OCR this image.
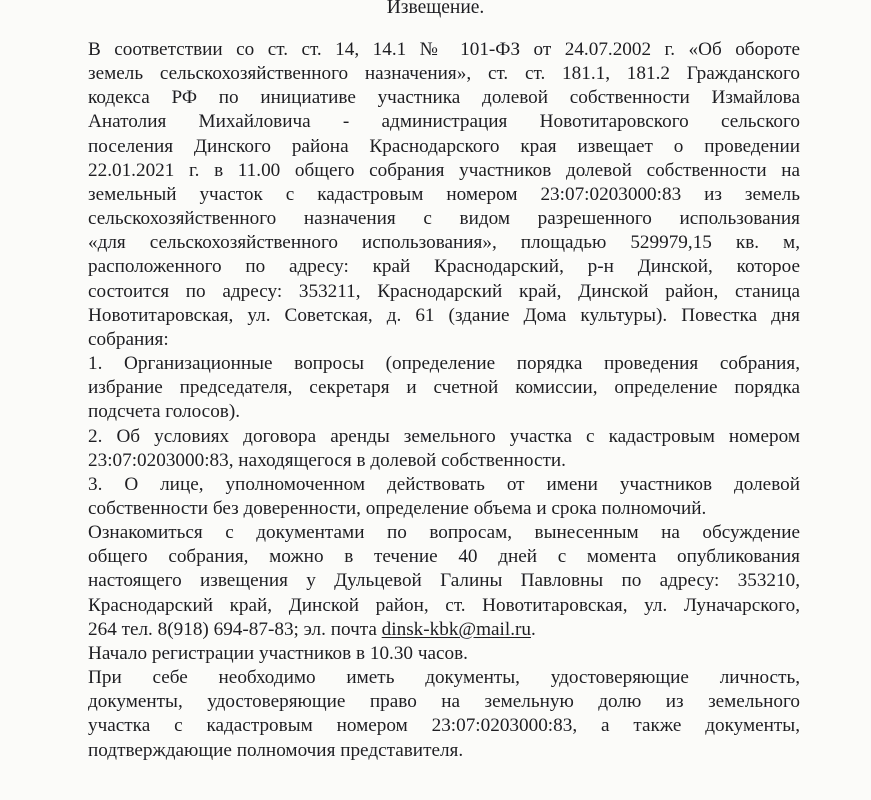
Извещение.
В соответствии со ст. ст. 14, 14.1 № 101-ФЗ от 24.07.2002 г. «Об обороте
земель сельскохозяйственного назначения», ст. ст. 181.1, 181.2 Гражданского
кодекса РФ по инициативе участника долевой собственности Измайлова
Анатолия Михайловича - администрация Новотитаровского сельского
поселения Динского района Краснодарского края извещает о проведении
22.01.2021 г. в 11.00 общего собрания участников долевой собственности на
земельный участок с кадастровым номером 23:07:0203000:83 из земель
сельскохозяйственного назначения с видом разрешенного использования
«для сельскохозяйственного использования», площадью 529979,15 кв. м,
расположенного по адресу: край Краснодарский, р-н Динской, которое
состоится по адресу: 353211, Краснодарский край, Динской район, станица
Новотитаровская, ул. Советская, д. 61 (здание Дома культуры). Повестка дня
собрания:
1. Организационные вопросы (определение порядка проведения собрания,
избрание председателя, секретаря и счетной комиссии, определение порядка
подсчета голосов).
2. Об условиях договора аренды земельного участка с кадастровым номером
23:07:0203000:83, находящегося в долевой собственности.
3. О лице, уполномоченном действовать от имени участников долевой
собственности без доверенности, определение объема и срока полномочий.
Ознакомиться с документами по вопросам, вынесенным на обсуждение
общего собрания, можно в течение 40 дней с момента опубликования
настоящего извещения у Дульцевой Галины Павловны по адресу: 353210,
Краснодарский край, Динской район, ст. Новотитаровская, ул. Луначарского,
264 тел. 8(918) 694-87-83; эл. почта dinsk-kbk@mail.ru.
Начало регистрации участников в 10.30 часов.
При себе необходимо иметь документы, удостоверяющие личность,
документы, удостоверяющие право на земельную долю из земельного
участка с кадастровым номером 23:07:0203000:83, а также документы,
подтверждающие полномочия представителя.
